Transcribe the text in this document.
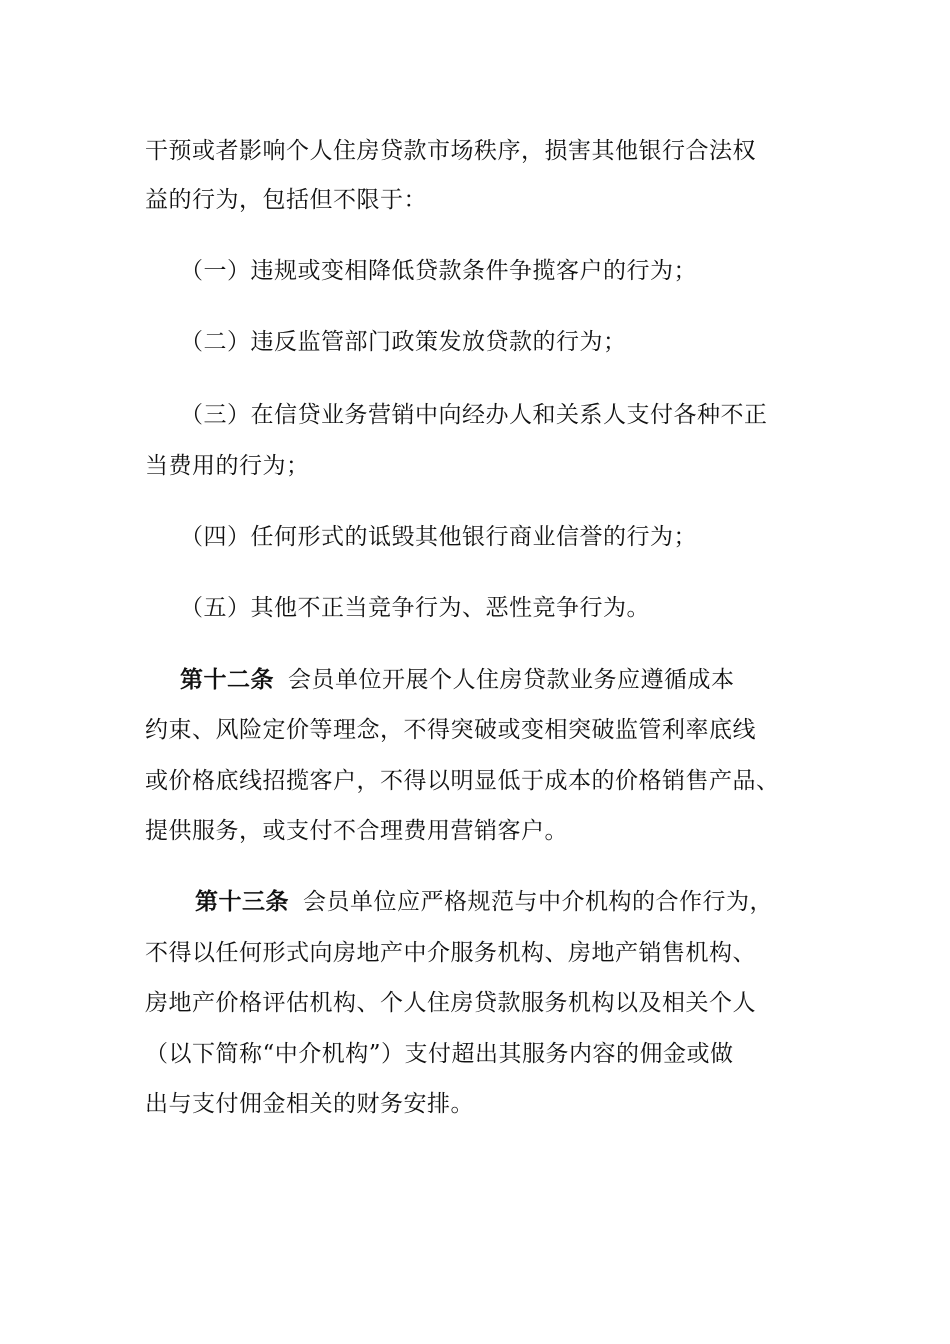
干预或者影响个人住房贷款市场秩序，损害其他银行合法权
益的行为，包括但不限于：
（一）违规或变相降低贷款条件争揽客户的行为；
（二）违反监管部门政策发放贷款的行为；
（三）在信贷业务营销中向经办人和关系人支付各种不正
当费用的行为；
（四）任何形式的诋毁其他银行商业信誉的行为；
（五）其他不正当竞争行为、恶性竞争行为。
第十二条 会员单位开展个人住房贷款业务应遵循成本
约束、风险定价等理念，不得突破或变相突破监管利率底线
或价格底线招揽客户，不得以明显低于成本的价格销售产品、
提供服务，或支付不合理费用营销客户。
第十三条 会员单位应严格规范与中介机构的合作行为，
不得以任何形式向房地产中介服务机构、房地产销售机构、
房地产价格评估机构、个人住房贷款服务机构以及相关个人
（以下简称“中介机构”）支付超出其服务内容的佣金或做
出与支付佣金相关的财务安排。
